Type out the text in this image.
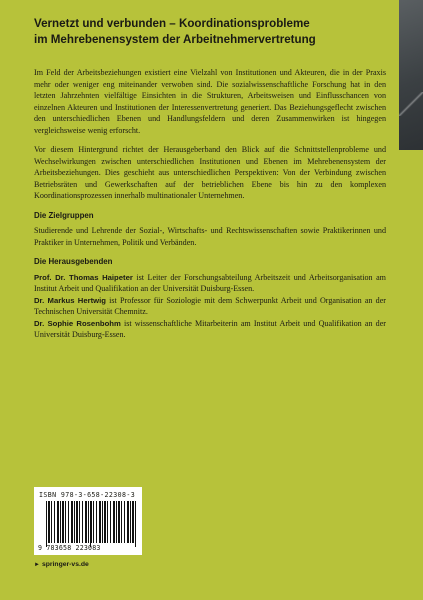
Vernetzt und verbunden – Koordinationsprobleme
im Mehrebenensystem der Arbeitnehmervertretung

Im Feld der Arbeitsbeziehungen existiert eine Vielzahl von Institutionen und Akteuren, die in der Praxis mehr oder weniger eng miteinander verwoben sind. Die sozialwissenschaftliche Forschung hat in den letzten Jahrzehnten vielfältige Einsichten in die Strukturen, Arbeitsweisen und Einflusschancen von einzelnen Akteuren und Institutionen der Interessenvertretung generiert. Das Beziehungsgeflecht zwischen den unterschiedlichen Ebenen und Handlungsfeldern und deren Zusammenwirken ist hingegen vergleichsweise wenig erforscht.

Vor diesem Hintergrund richtet der Herausgeberband den Blick auf die Schnittstellenprobleme und Wechselwirkungen zwischen unterschiedlichen Institutionen und Ebenen im Mehrebenensystem der Arbeitsbeziehungen. Dies geschieht aus unterschiedlichen Perspektiven: Von der Verbindung zwischen Betriebsräten und Gewerkschaften auf der betrieblichen Ebene bis hin zu den komplexen Koordinationsprozessen innerhalb multinationaler Unternehmen.

Die Zielgruppen

Studierende und Lehrende der Sozial-, Wirtschafts- und Rechtswissenschaften sowie Praktikerinnen und Praktiker in Unternehmen, Politik und Verbänden.

Die Herausgebenden

Prof. Dr. Thomas Haipeter ist Leiter der Forschungsabteilung Arbeitszeit und Arbeitsorganisation am Institut Arbeit und Qualifikation an der Universität Duisburg-Essen.

Dr. Markus Hertwig ist Professor für Soziologie mit dem Schwerpunkt Arbeit und Organisation an der Technischen Universität Chemnitz.

Dr. Sophie Rosenbohm ist wissenschaftliche Mitarbeiterin am Institut Arbeit und Qualifikation an der Universität Duisburg-Essen.

ISBN 978-3-658-22308-3
9 783658 223083
► springer-vs.de
